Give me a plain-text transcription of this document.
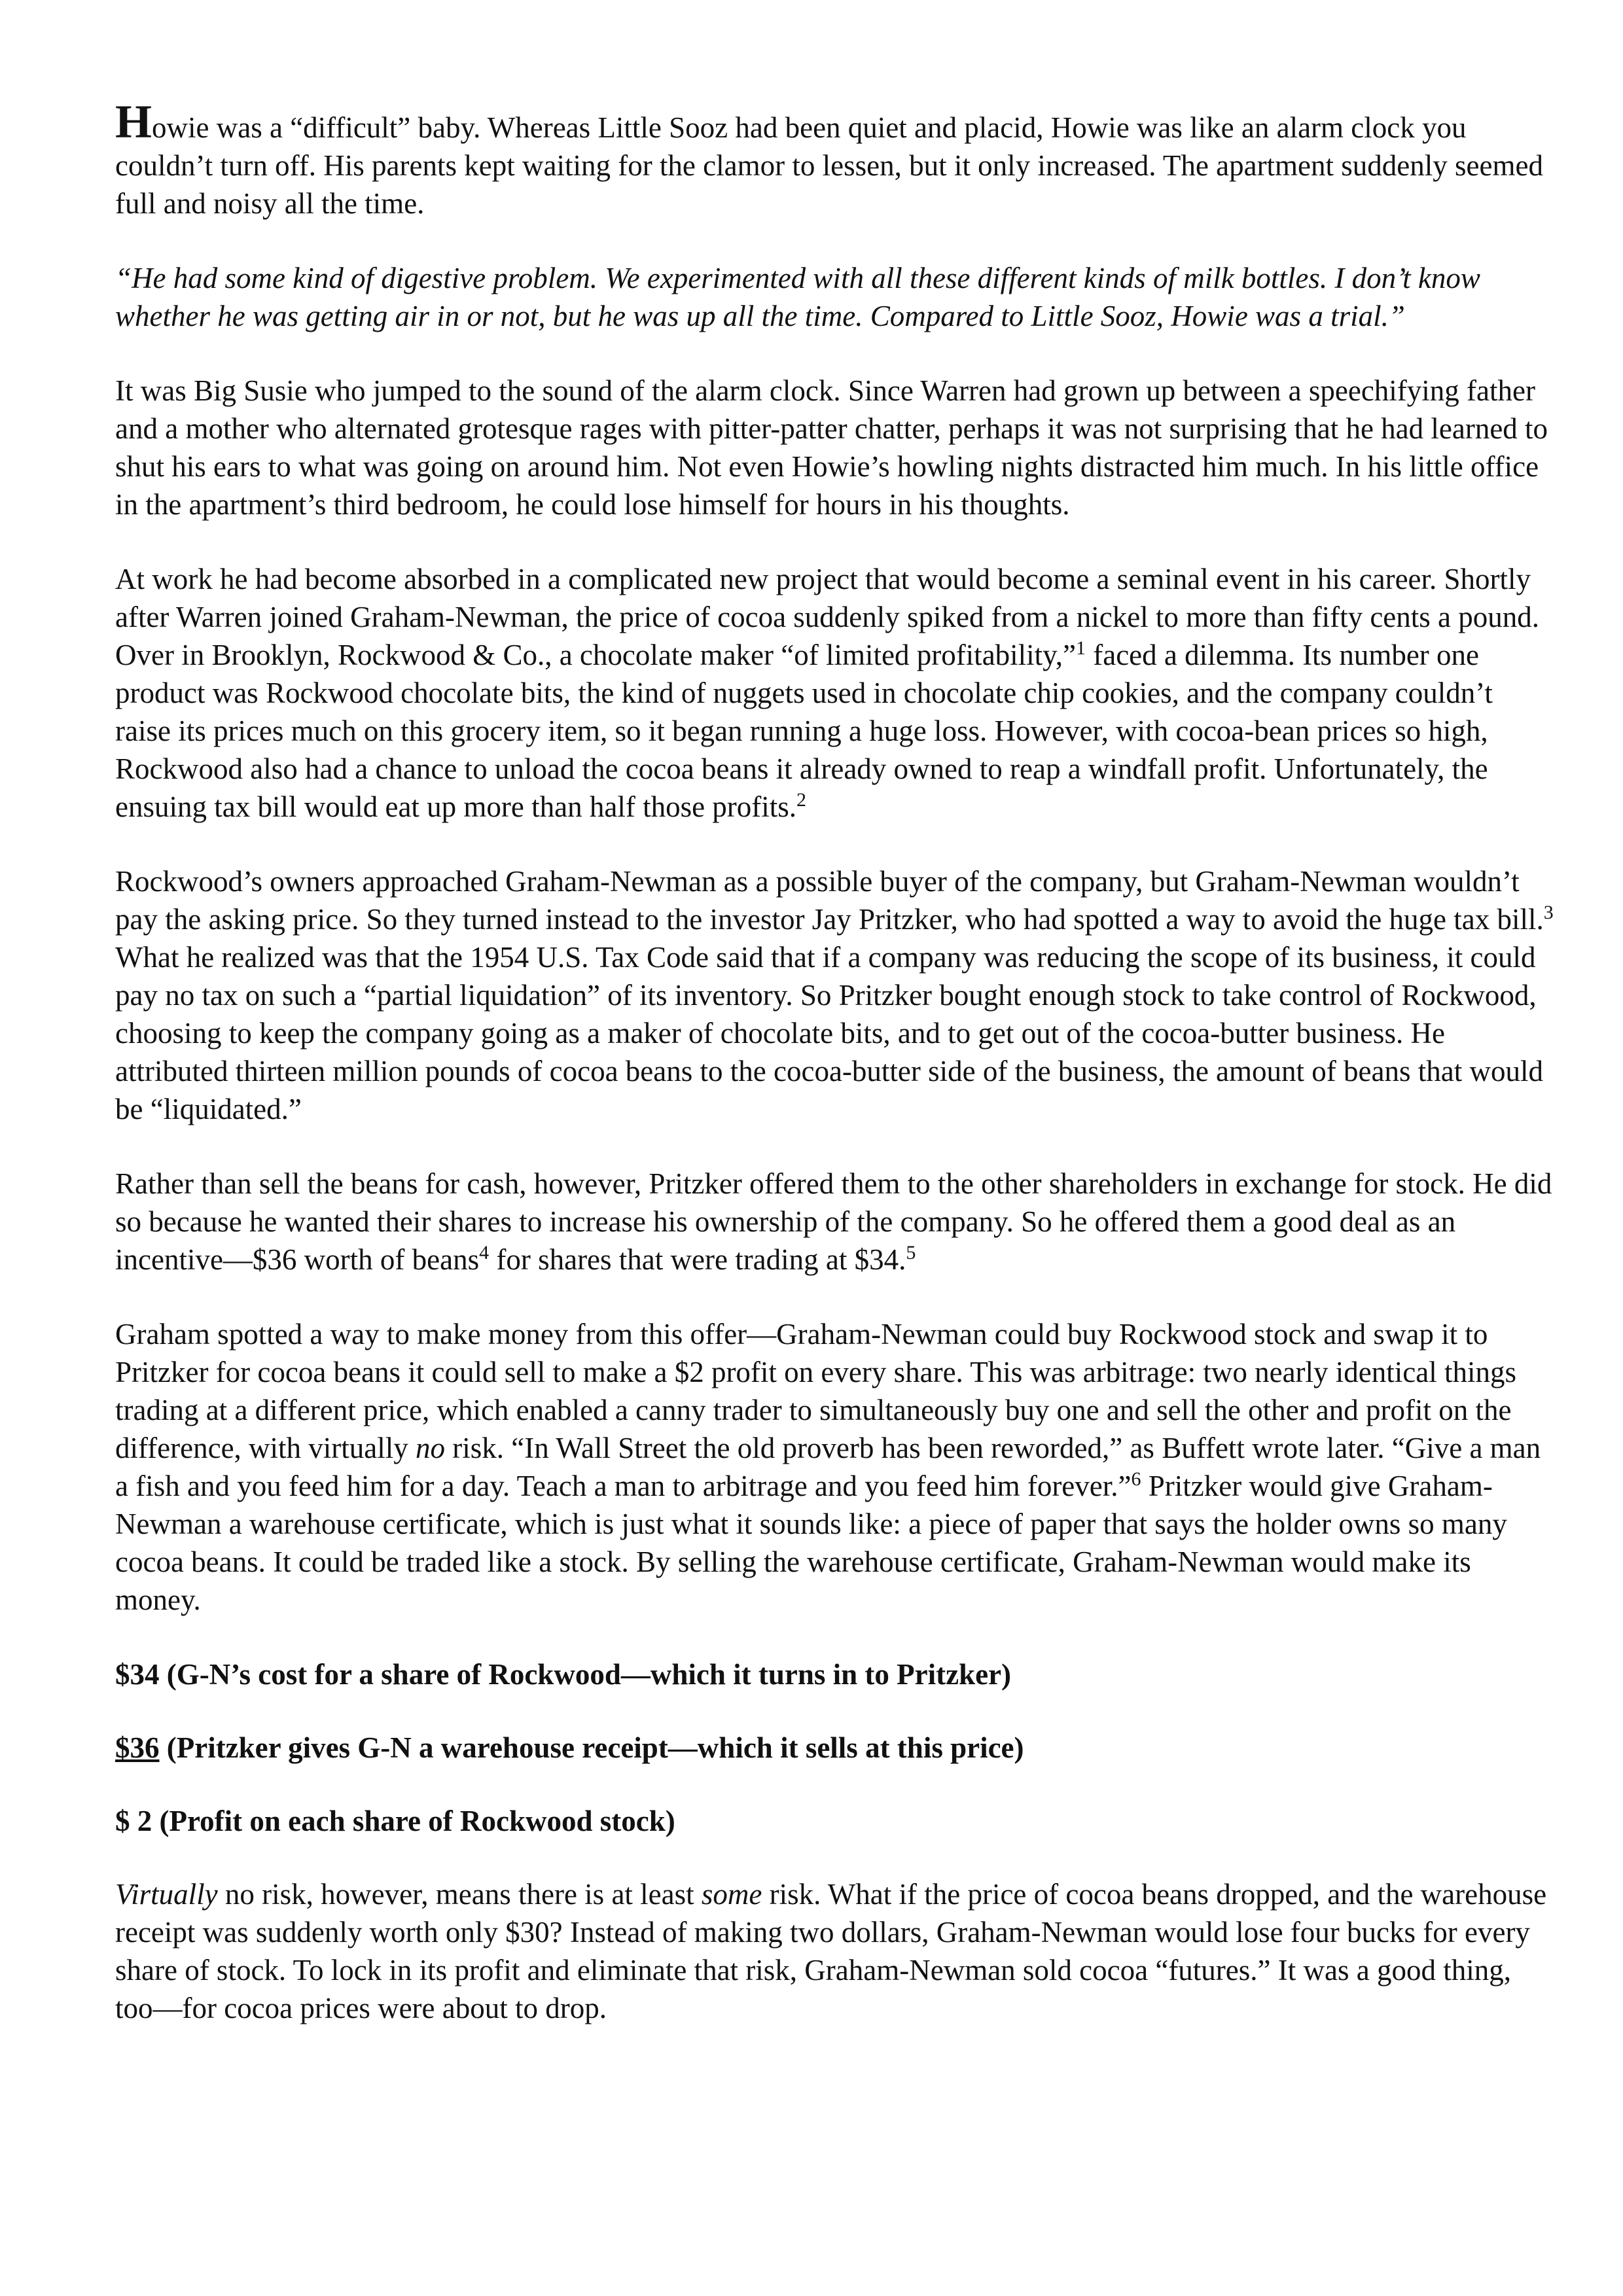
Howie was a “difficult” baby. Whereas Little Sooz had been quiet and placid, Howie was like an alarm clock you couldn’t turn off. His parents kept waiting for the clamor to lessen, but it only increased. The apartment suddenly seemed full and noisy all the time.

“He had some kind of digestive problem. We experimented with all these different kinds of milk bottles. I don’t know whether he was getting air in or not, but he was up all the time. Compared to Little Sooz, Howie was a trial.”

It was Big Susie who jumped to the sound of the alarm clock. Since Warren had grown up between a speechifying father and a mother who alternated grotesque rages with pitter-patter chatter, perhaps it was not surprising that he had learned to shut his ears to what was going on around him. Not even Howie’s howling nights distracted him much. In his little office in the apartment’s third bedroom, he could lose himself for hours in his thoughts.

At work he had become absorbed in a complicated new project that would become a seminal event in his career. Shortly after Warren joined Graham-Newman, the price of cocoa suddenly spiked from a nickel to more than fifty cents a pound. Over in Brooklyn, Rockwood & Co., a chocolate maker “of limited profitability,”$^1$ faced a dilemma. Its number one product was Rockwood chocolate bits, the kind of nuggets used in chocolate chip cookies, and the company couldn’t raise its prices much on this grocery item, so it began running a huge loss. However, with cocoa-bean prices so high, Rockwood also had a chance to unload the cocoa beans it already owned to reap a windfall profit. Unfortunately, the ensuing tax bill would eat up more than half those profits.$^2$

Rockwood’s owners approached Graham-Newman as a possible buyer of the company, but Graham-Newman wouldn’t pay the asking price. So they turned instead to the investor Jay Pritzker, who had spotted a way to avoid the huge tax bill.$^3$ What he realized was that the 1954 U.S. Tax Code said that if a company was reducing the scope of its business, it could pay no tax on such a “partial liquidation” of its inventory. So Pritzker bought enough stock to take control of Rockwood, choosing to keep the company going as a maker of chocolate bits, and to get out of the cocoa-butter business. He attributed thirteen million pounds of cocoa beans to the cocoa-butter side of the business, the amount of beans that would be “liquidated.”

Rather than sell the beans for cash, however, Pritzker offered them to the other shareholders in exchange for stock. He did so because he wanted their shares to increase his ownership of the company. So he offered them a good deal as an incentive—$36 worth of beans$^4$ for shares that were trading at $34.$^5$

Graham spotted a way to make money from this offer—Graham-Newman could buy Rockwood stock and swap it to Pritzker for cocoa beans it could sell to make a $2 profit on every share. This was arbitrage: two nearly identical things trading at a different price, which enabled a canny trader to simultaneously buy one and sell the other and profit on the difference, with virtually no risk. “In Wall Street the old proverb has been reworded,” as Buffett wrote later. “Give a man a fish and you feed him for a day. Teach a man to arbitrage and you feed him forever.”$^6$ Pritzker would give Graham-Newman a warehouse certificate, which is just what it sounds like: a piece of paper that says the holder owns so many cocoa beans. It could be traded like a stock. By selling the warehouse certificate, Graham-Newman would make its money.

$34 (G-N’s cost for a share of Rockwood—which it turns in to Pritzker)

$36 (Pritzker gives G-N a warehouse receipt—which it sells at this price)

$ 2 (Profit on each share of Rockwood stock)

Virtually no risk, however, means there is at least some risk. What if the price of cocoa beans dropped, and the warehouse receipt was suddenly worth only $30? Instead of making two dollars, Graham-Newman would lose four bucks for every share of stock. To lock in its profit and eliminate that risk, Graham-Newman sold cocoa “futures.” It was a good thing, too—for cocoa prices were about to drop.
